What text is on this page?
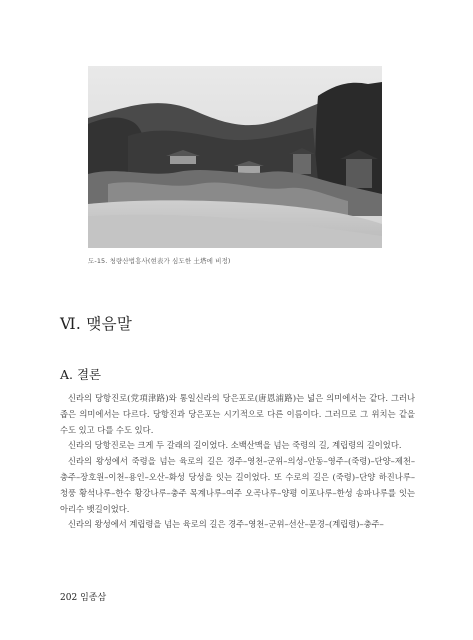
도-15. 청량산법흥사(현表가 심도한 土塔에 비정)
Ⅵ. 맺음말
A. 결론

신라의 당항진로(党項津路)와 통일신라의 당은포로(唐恩浦路)는 넓은 의미에서는 같다. 그러나 좁은 의미에서는 다르다. 당항진과 당은포는 시기적으로 다른 이름이다. 그러므로 그 위치는 같을 수도 있고 다를 수도 있다.

신라의 당항진로는 크게 두 갈래의 길이었다. 소백산맥을 넘는 죽령의 길, 계립령의 길이었다.

신라의 왕성에서 죽령을 넘는 육로의 길은 경주–영천–군위–의성–안동–영주–(죽령)–단양–제천–충주–장호원–이천–용인–오산–화성 당성을 잇는 길이었다. 또 수로의 길은 (죽령)–단양 하진나루–청풍 황석나루–한수 황강나루–충주 목계나루–여주 오곡나루–양평 이포나루–한성 송파나루를 잇는 아리수 뱃길이었다.

신라의 왕성에서 계립령을 넘는 육로의 길은 경주–영천–군위–선산–문경–(계립령)–충주–

202 임종삼
